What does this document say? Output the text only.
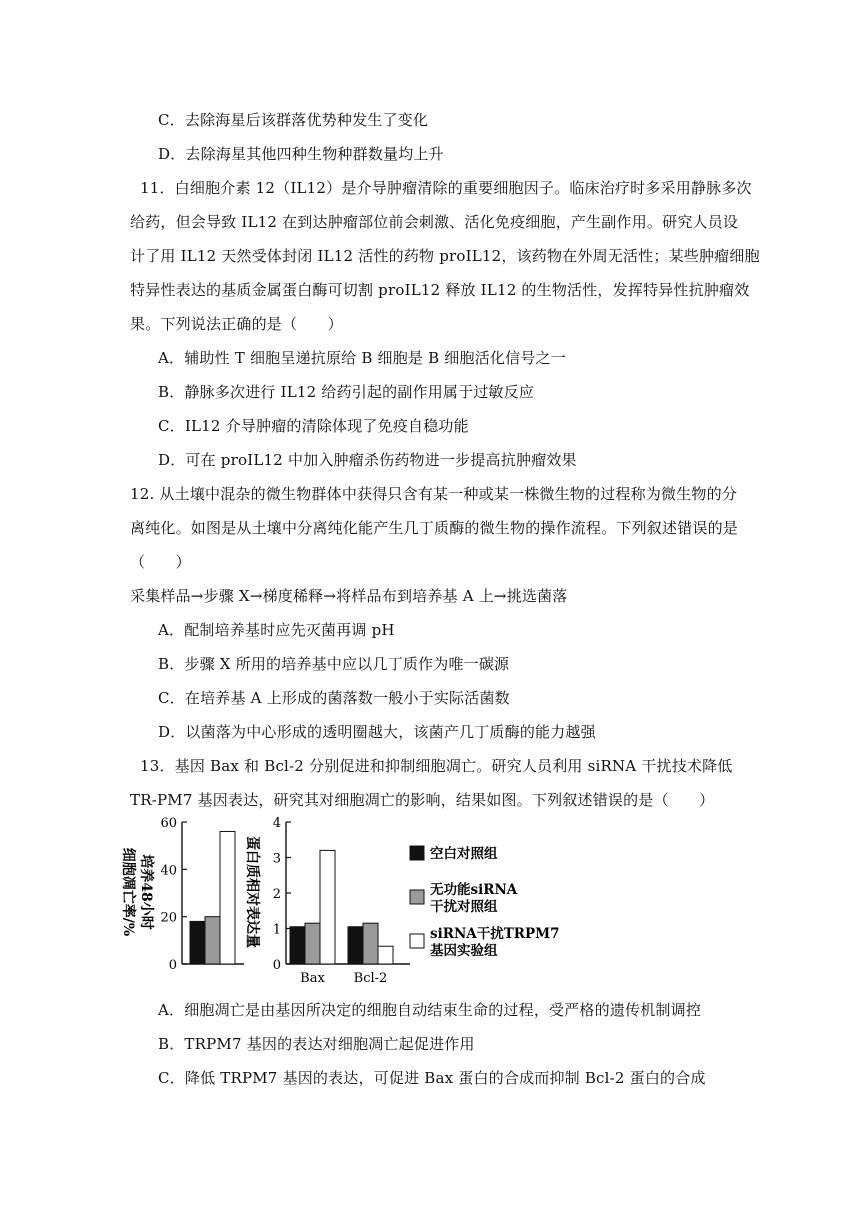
C．去除海星后该群落优势种发生了变化
D．去除海星其他四种生物种群数量均上升
11．白细胞介素 12（IL12）是介导肿瘤清除的重要细胞因子。临床治疗时多采用静脉多次
给药，但会导致 IL12 在到达肿瘤部位前会刺激、活化免疫细胞，产生副作用。研究人员设
计了用 IL12 天然受体封闭 IL12 活性的药物 proIL12，该药物在外周无活性；某些肿瘤细胞
特异性表达的基质金属蛋白酶可切割 proIL12 释放 IL12 的生物活性，发挥特异性抗肿瘤效
果。下列说法正确的是（　　）
A．辅助性 T 细胞呈递抗原给 B 细胞是 B 细胞活化信号之一
B．静脉多次进行 IL12 给药引起的副作用属于过敏反应
C．IL12 介导肿瘤的清除体现了免疫自稳功能
D．可在 proIL12 中加入肿瘤杀伤药物进一步提高抗肿瘤效果
12. 从土壤中混杂的微生物群体中获得只含有某一种或某一株微生物的过程称为微生物的分
离纯化。如图是从土壤中分离纯化能产生几丁质酶的微生物的操作流程。下列叙述错误的是
（　　）
采集样品→步骤 X→梯度稀释→将样品布到培养基 A 上→挑选菌落
A．配制培养基时应先灭菌再调 pH
B．步骤 X 所用的培养基中应以几丁质作为唯一碳源
C．在培养基 A 上形成的菌落数一般小于实际活菌数
D．以菌落为中心形成的透明圈越大，该菌产几丁质酶的能力越强
13．基因 Bax 和 Bcl-2 分别促进和抑制细胞凋亡。研究人员利用 siRNA 干扰技术降低
TR-PM7 基因表达，研究其对细胞凋亡的影响，结果如图。下列叙述错误的是（　　）
0
20
40
60
培养48小时细胞凋亡率/%
0
1
2
3
4
Bax Bcl-2
蛋白质相对表达量	空白对照组
无功能siRNA
干扰对照组
siRNA干扰TRPM7
基因实验组
A．细胞凋亡是由基因所决定的细胞自动结束生命的过程，受严格的遗传机制调控
B．TRPM7 基因的表达对细胞凋亡起促进作用
C．降低 TRPM7 基因的表达，可促进 Bax 蛋白的合成而抑制 Bcl-2 蛋白的合成
